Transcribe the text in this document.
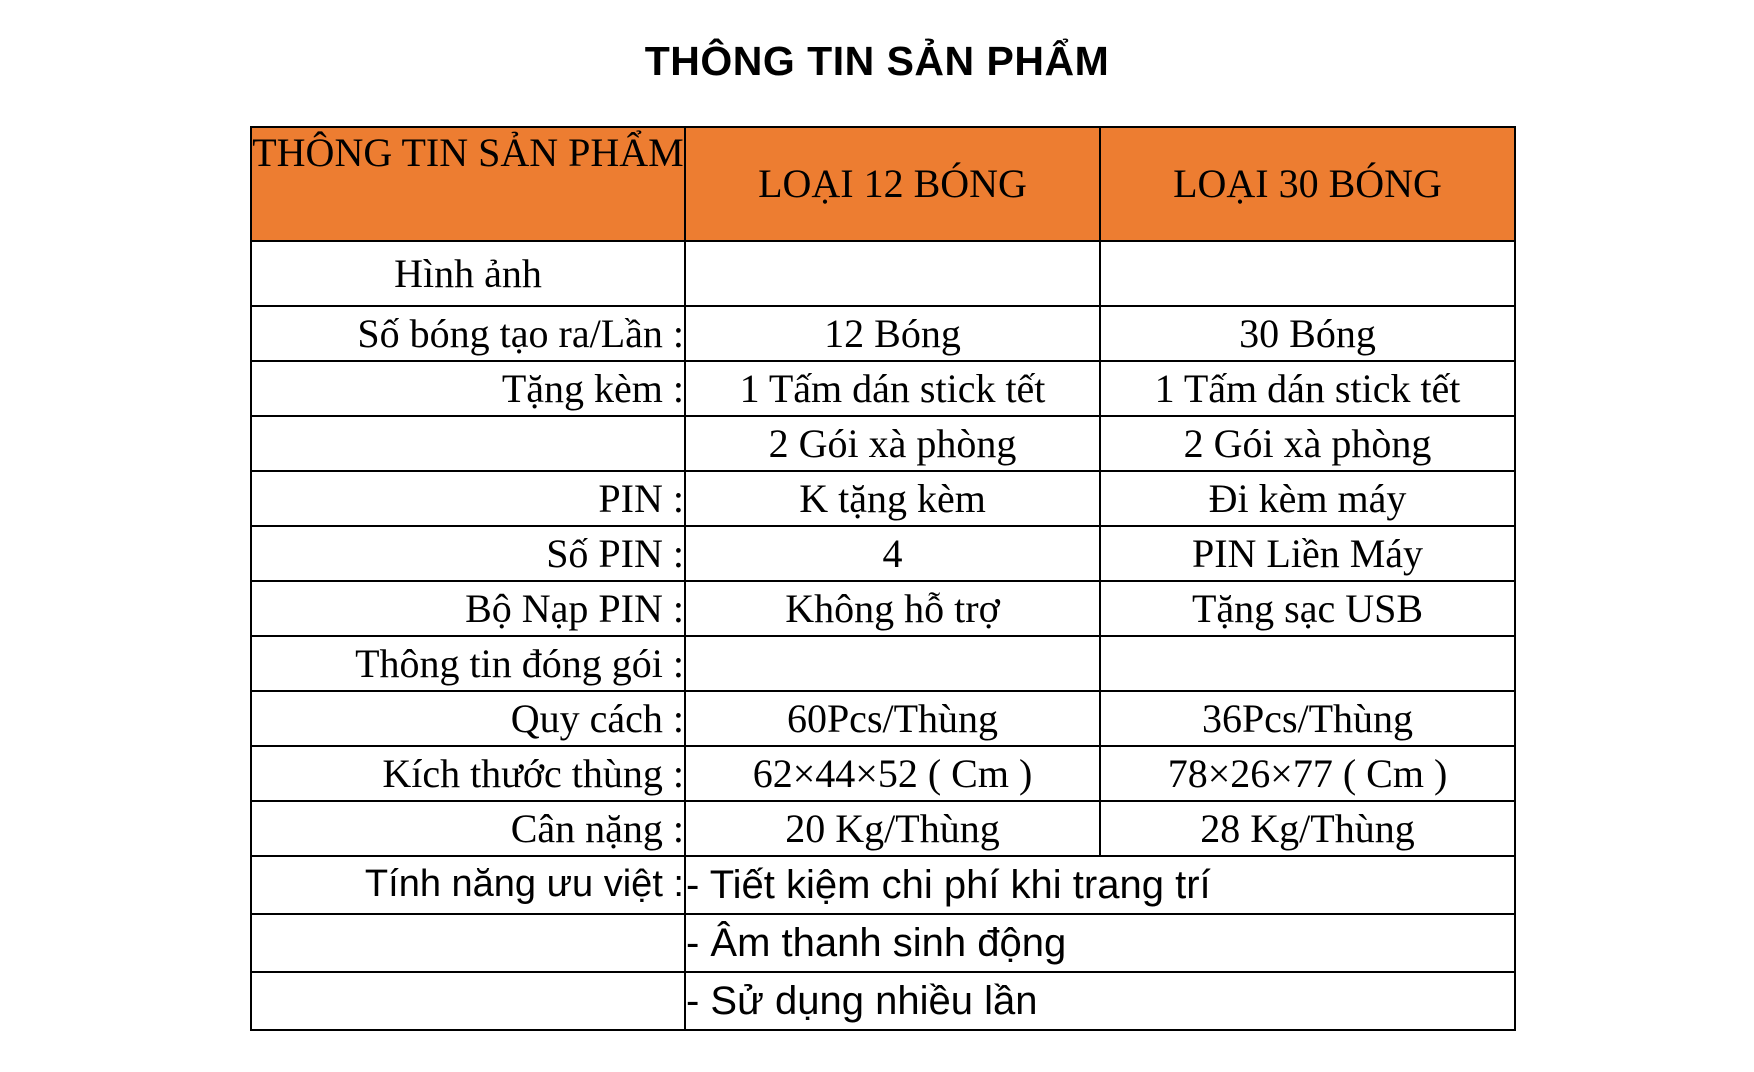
THÔNG TIN SẢN PHẨM
THÔNG TIN SẢN PHẨM	LOẠI 12 BÓNG	LOẠI 30 BÓNG
Hình ảnh		
Số bóng tạo ra/Lần :	12 Bóng	30 Bóng
Tặng kèm :	1 Tấm dán stick tết	1 Tấm dán stick tết
	2 Gói xà phòng	2 Gói xà phòng
PIN :	K tặng kèm	Đi kèm máy
Số PIN :	4	PIN Liền Máy
Bộ Nạp PIN :	Không hỗ trợ	Tặng sạc USB
Thông tin đóng gói :		
Quy cách :	60Pcs/Thùng	36Pcs/Thùng
Kích thước thùng :	62×44×52 ( Cm )	78×26×77 ( Cm )
Cân nặng :	20 Kg/Thùng	28 Kg/Thùng
Tính năng ưu việt :	- Tiết kiệm chi phí khi trang trí	
	- Âm thanh sinh động	
	- Sử dụng nhiều lần	
